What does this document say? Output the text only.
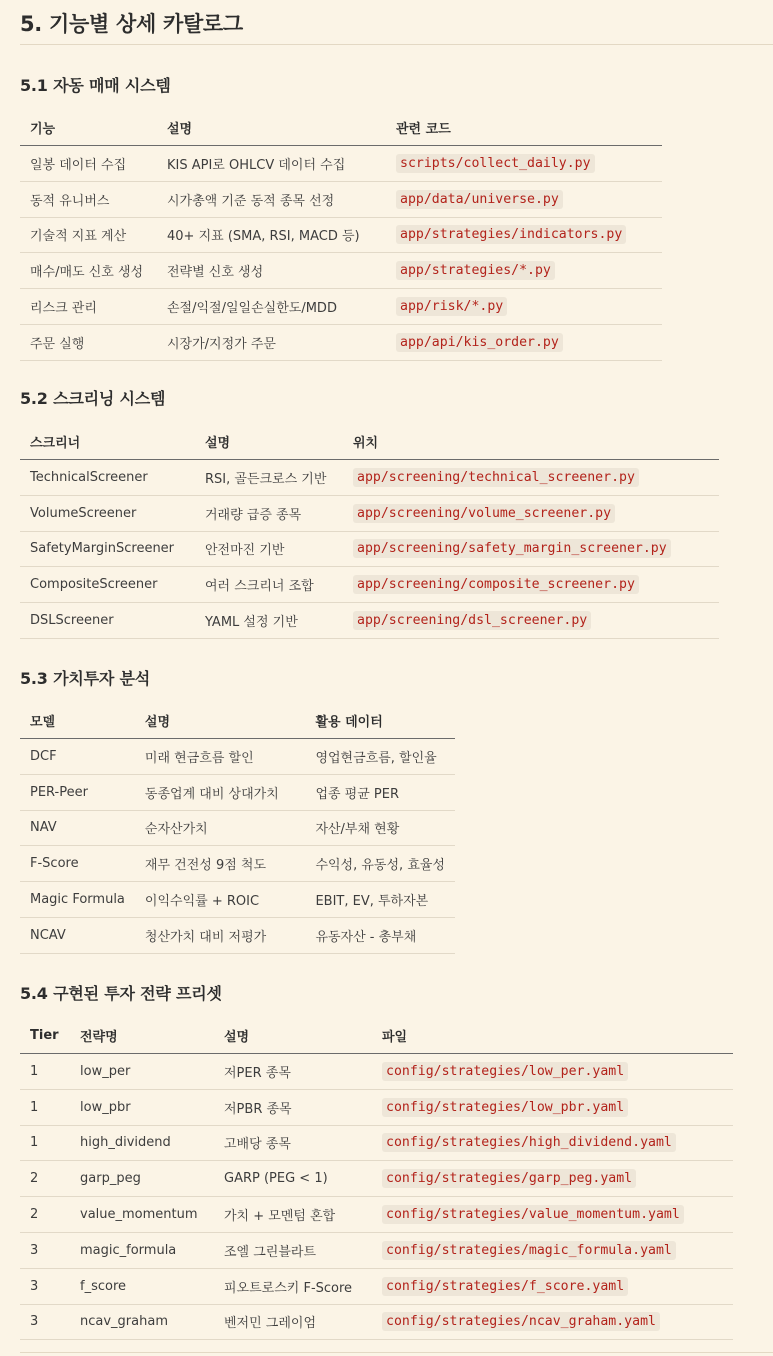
5. 기능별 상세 카탈로그
5.1 자동 매매 시스템
기능	설명	관련 코드
일봉 데이터 수집	KIS API로 OHLCV 데이터 수집	scripts/collect_daily.py
동적 유니버스	시가총액 기준 동적 종목 선정	app/data/universe.py
기술적 지표 계산	40+ 지표 (SMA, RSI, MACD 등)	app/strategies/indicators.py
매수/매도 신호 생성	전략별 신호 생성	app/strategies/*.py
리스크 관리	손절/익절/일일손실한도/MDD	app/risk/*.py
주문 실행	시장가/지정가 주문	app/api/kis_order.py
5.2 스크리닝 시스템
스크리너	설명	위치
TechnicalScreener	RSI, 골든크로스 기반	app/screening/technical_screener.py
VolumeScreener	거래량 급증 종목	app/screening/volume_screener.py
SafetyMarginScreener	안전마진 기반	app/screening/safety_margin_screener.py
CompositeScreener	여러 스크리너 조합	app/screening/composite_screener.py
DSLScreener	YAML 설정 기반	app/screening/dsl_screener.py
5.3 가치투자 분석
모델	설명	활용 데이터
DCF	미래 현금흐름 할인	영업현금흐름, 할인율
PER-Peer	동종업계 대비 상대가치	업종 평균 PER
NAV	순자산가치	자산/부채 현황
F-Score	재무 건전성 9점 척도	수익성, 유동성, 효율성
Magic Formula	이익수익률 + ROIC	EBIT, EV, 투하자본
NCAV	청산가치 대비 저평가	유동자산 - 총부채
5.4 구현된 투자 전략 프리셋
Tier	전략명	설명	파일
1	low_per	저PER 종목	config/strategies/low_per.yaml
1	low_pbr	저PBR 종목	config/strategies/low_pbr.yaml
1	high_dividend	고배당 종목	config/strategies/high_dividend.yaml
2	garp_peg	GARP (PEG < 1)	config/strategies/garp_peg.yaml
2	value_momentum	가치 + 모멘텀 혼합	config/strategies/value_momentum.yaml
3	magic_formula	조엘 그린블라트	config/strategies/magic_formula.yaml
3	f_score	피오트로스키 F-Score	config/strategies/f_score.yaml
3	ncav_graham	벤저민 그레이엄	config/strategies/ncav_graham.yaml
